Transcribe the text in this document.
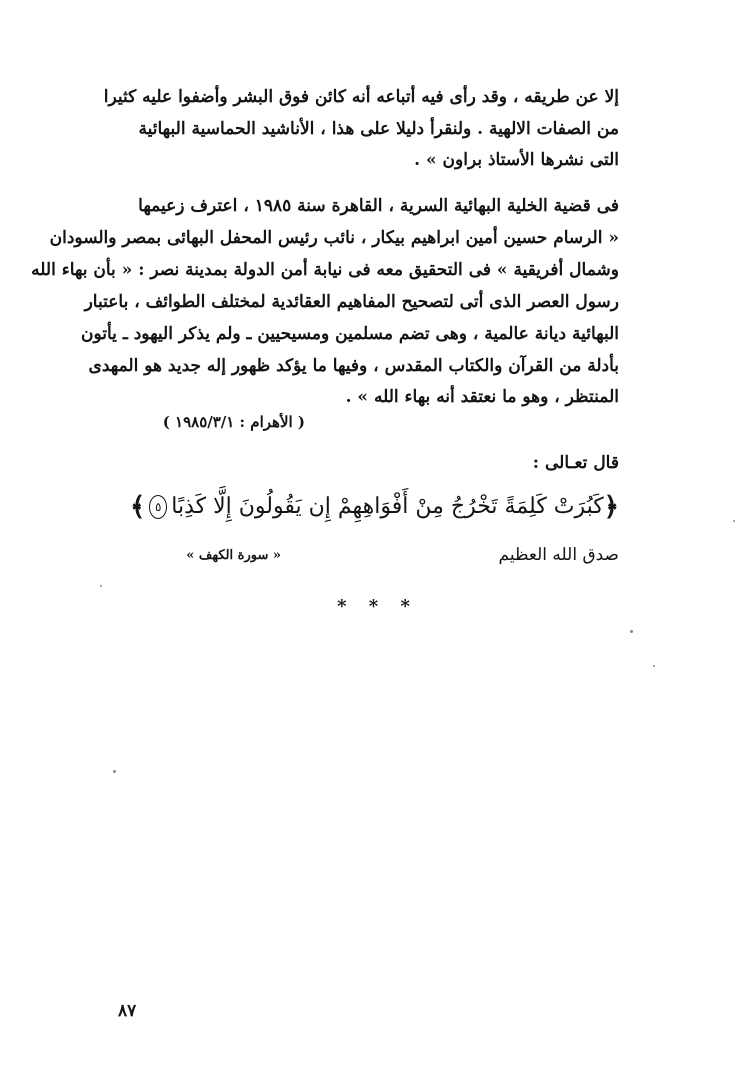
إلا عن طريقه ، وقد رأى فيه أتباعه أنه كائن فوق البشر وأضفوا عليه كثيرا
من الصفات الالهية . ولنقرأ دليلا على هذا ، الأناشيد الحماسية البهائية
التى نشرها الأستاذ براون » .
فى قضية الخلية البهائية السرية ، القاهرة سنة ١٩٨٥ ، اعترف زعيمها
« الرسام حسين أمين ابراهيم بيكار ، نائب رئيس المحفل البهائى بمصر والسودان
وشمال أفريقية » فى التحقيق معه فى نيابة أمن الدولة بمدينة نصر : « بأن بهاء الله
رسول العصر الذى أتى لتصحيح المفاهيم العقائدية لمختلف الطوائف ، باعتبار
البهائية ديانة عالمية ، وهى تضم مسلمين ومسيحيين ـ ولم يذكر اليهود ـ يأتون
بأدلة من القرآن والكتاب المقدس ، وفيها ما يؤكد ظهور إله جديد هو المهدى
المنتظر ، وهو ما نعتقد أنه بهاء الله » .
( الأهرام : ١٩٨٥/٣/١ )
قال تعـالى :
﴿
كَبُرَتْ كَلِمَةً تَخْرُجُ مِنْ أَفْوَاهِهِمْ إِن يَقُولُونَ إِلَّا كَذِبًا
٥
﴾
صدق الله العظيم
« سورة الكهف »
* * *
٨٧
